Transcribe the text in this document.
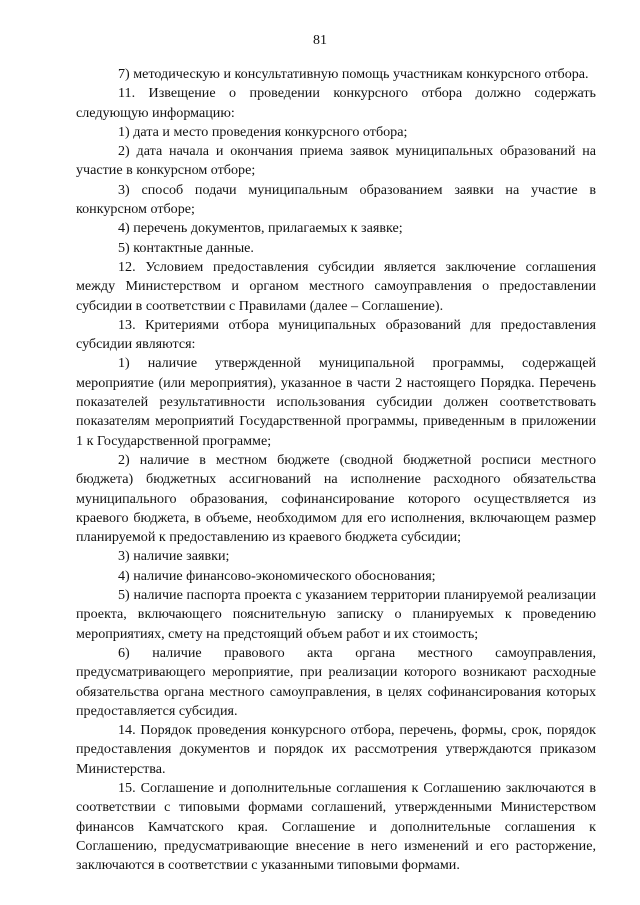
81

7) методическую и консультативную помощь участникам конкурсного отбора.

11. Извещение о проведении конкурсного отбора должно содержать следующую информацию:

1) дата и место проведения конкурсного отбора;

2) дата начала и окончания приема заявок муниципальных образований на участие в конкурсном отборе;

3) способ подачи муниципальным образованием заявки на участие в конкурсном отборе;

4) перечень документов, прилагаемых к заявке;

5) контактные данные.

12. Условием предоставления субсидии является заключение соглашения между Министерством и органом местного самоуправления о предоставлении субсидии в соответствии с Правилами (далее – Соглашение).

13. Критериями отбора муниципальных образований для предоставления субсидии являются:

1) наличие утвержденной муниципальной программы, содержащей мероприятие (или мероприятия), указанное в части 2 настоящего Порядка. Перечень показателей результативности использования субсидии должен соответствовать показателям мероприятий Государственной программы, приведенным в приложении 1 к Государственной программе;

2) наличие в местном бюджете (сводной бюджетной росписи местного бюджета) бюджетных ассигнований на исполнение расходного обязательства муниципального образования, софинансирование которого осуществляется из краевого бюджета, в объеме, необходимом для его исполнения, включающем размер планируемой к предоставлению из краевого бюджета субсидии;

3) наличие заявки;

4) наличие финансово-экономического обоснования;

5) наличие паспорта проекта с указанием территории планируемой реализации проекта, включающего пояснительную записку о планируемых к проведению мероприятиях, смету на предстоящий объем работ и их стоимость;

6) наличие правового акта органа местного самоуправления, предусматривающего мероприятие, при реализации которого возникают расходные обязательства органа местного самоуправления, в целях софинансирования которых предоставляется субсидия.

14. Порядок проведения конкурсного отбора, перечень, формы, срок, порядок предоставления документов и порядок их рассмотрения утверждаются приказом Министерства.

15. Соглашение и дополнительные соглашения к Соглашению заключаются в соответствии с типовыми формами соглашений, утвержденными Министерством финансов Камчатского края. Соглашение и дополнительные соглашения к Соглашению, предусматривающие внесение в него изменений и его расторжение, заключаются в соответствии с указанными типовыми формами.
